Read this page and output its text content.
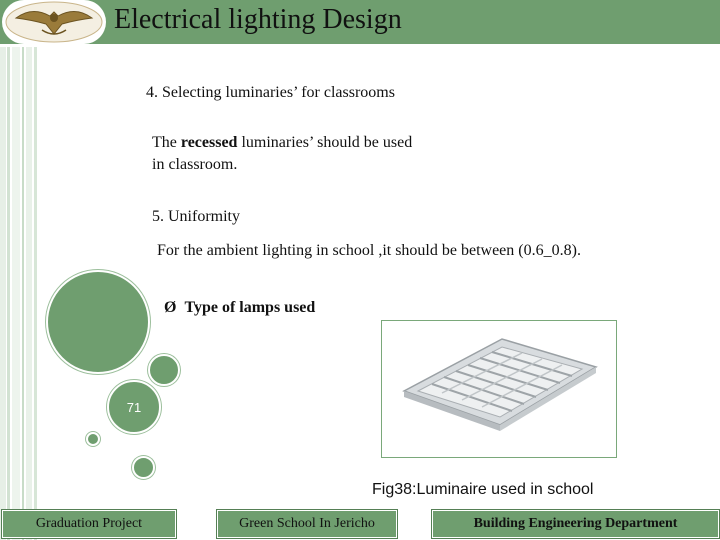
Electrical lighting Design
4. Selecting luminaries’ for classrooms
The recessed luminaries’ should be used
in classroom.
5. Uniformity
For the ambient lighting in school ,it should be between (0.6_0.8).
Ø Type of lamps used
71
Fig38:Luminaire used in school
Graduation Project	Green School In Jericho	Building Engineering Department
